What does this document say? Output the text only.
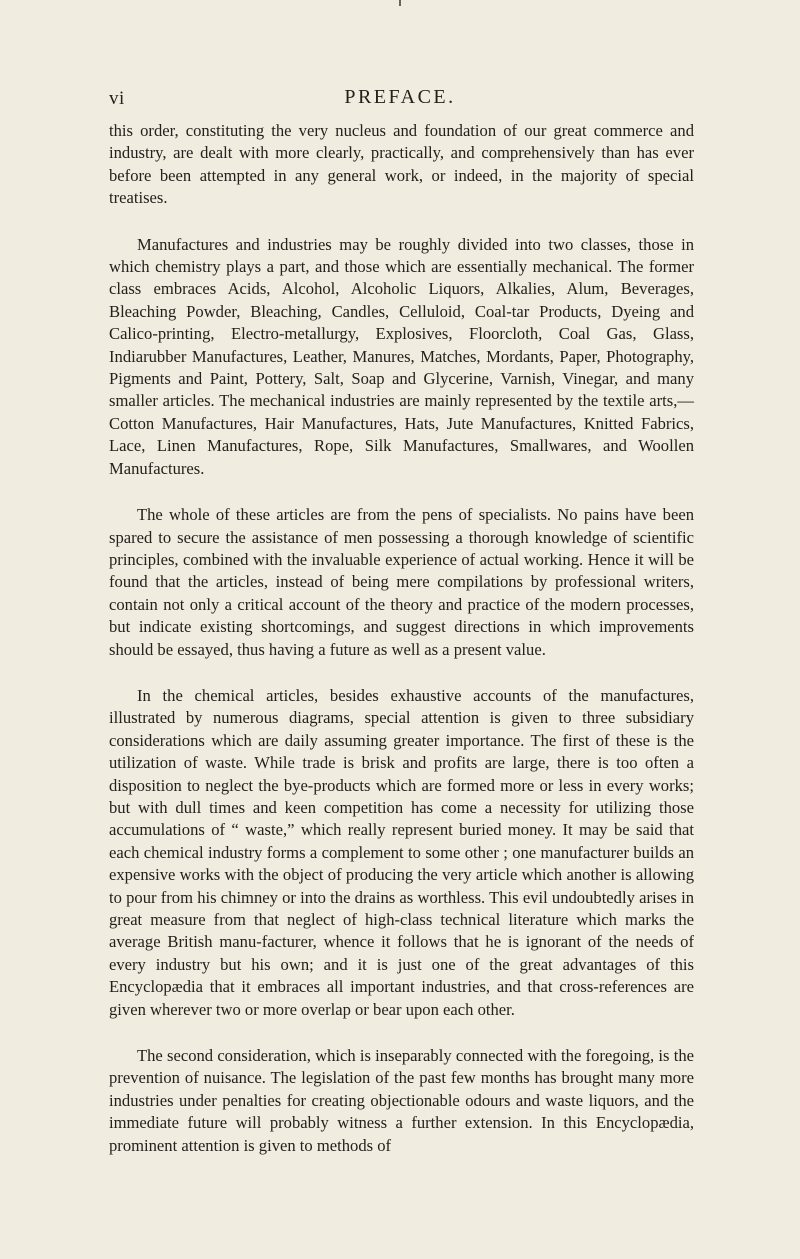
vi	PREFACE.

this order, constituting the very nucleus and foundation of our great commerce and industry, are dealt with more clearly, practically, and comprehensively than has ever before been attempted in any general work, or indeed, in the majority of special treatises.

Manufactures and industries may be roughly divided into two classes, those in which chemistry plays a part, and those which are essentially mechanical. The former class embraces Acids, Alcohol, Alcoholic Liquors, Alkalies, Alum, Beverages, Bleaching Powder, Bleaching, Candles, Celluloid, Coal-tar Products, Dyeing and Calico-printing, Electro-metallurgy, Explosives, Floorcloth, Coal Gas, Glass, Indiarubber Manufactures, Leather, Manures, Matches, Mordants, Paper, Photography, Pigments and Paint, Pottery, Salt, Soap and Glycerine, Varnish, Vinegar, and many smaller articles. The mechanical industries are mainly represented by the textile arts,—Cotton Manufactures, Hair Manufactures, Hats, Jute Manufactures, Knitted Fabrics, Lace, Linen Manufactures, Rope, Silk Manufactures, Smallwares, and Woollen Manufactures.

The whole of these articles are from the pens of specialists. No pains have been spared to secure the assistance of men possessing a thorough knowledge of scientific principles, combined with the invaluable experience of actual working. Hence it will be found that the articles, instead of being mere compilations by professional writers, contain not only a critical account of the theory and practice of the modern processes, but indicate existing shortcomings, and suggest directions in which improvements should be essayed, thus having a future as well as a present value.

In the chemical articles, besides exhaustive accounts of the manufactures, illustrated by numerous diagrams, special attention is given to three subsidiary considerations which are daily assuming greater importance. The first of these is the utilization of waste. While trade is brisk and profits are large, there is too often a disposition to neglect the bye-products which are formed more or less in every works; but with dull times and keen competition has come a necessity for utilizing those accumulations of “ waste,” which really represent buried money. It may be said that each chemical industry forms a complement to some other ; one manufacturer builds an expensive works with the object of producing the very article which another is allowing to pour from his chimney or into the drains as worthless. This evil undoubtedly arises in great measure from that neglect of high-class technical literature which marks the average British manu-facturer, whence it follows that he is ignorant of the needs of every industry but his own; and it is just one of the great advantages of this Encyclopædia that it embraces all important industries, and that cross-references are given wherever two or more overlap or bear upon each other.

The second consideration, which is inseparably connected with the foregoing, is the prevention of nuisance. The legislation of the past few months has brought many more industries under penalties for creating objectionable odours and waste liquors, and the immediate future will probably witness a further extension. In this Encyclopædia, prominent attention is given to methods of
